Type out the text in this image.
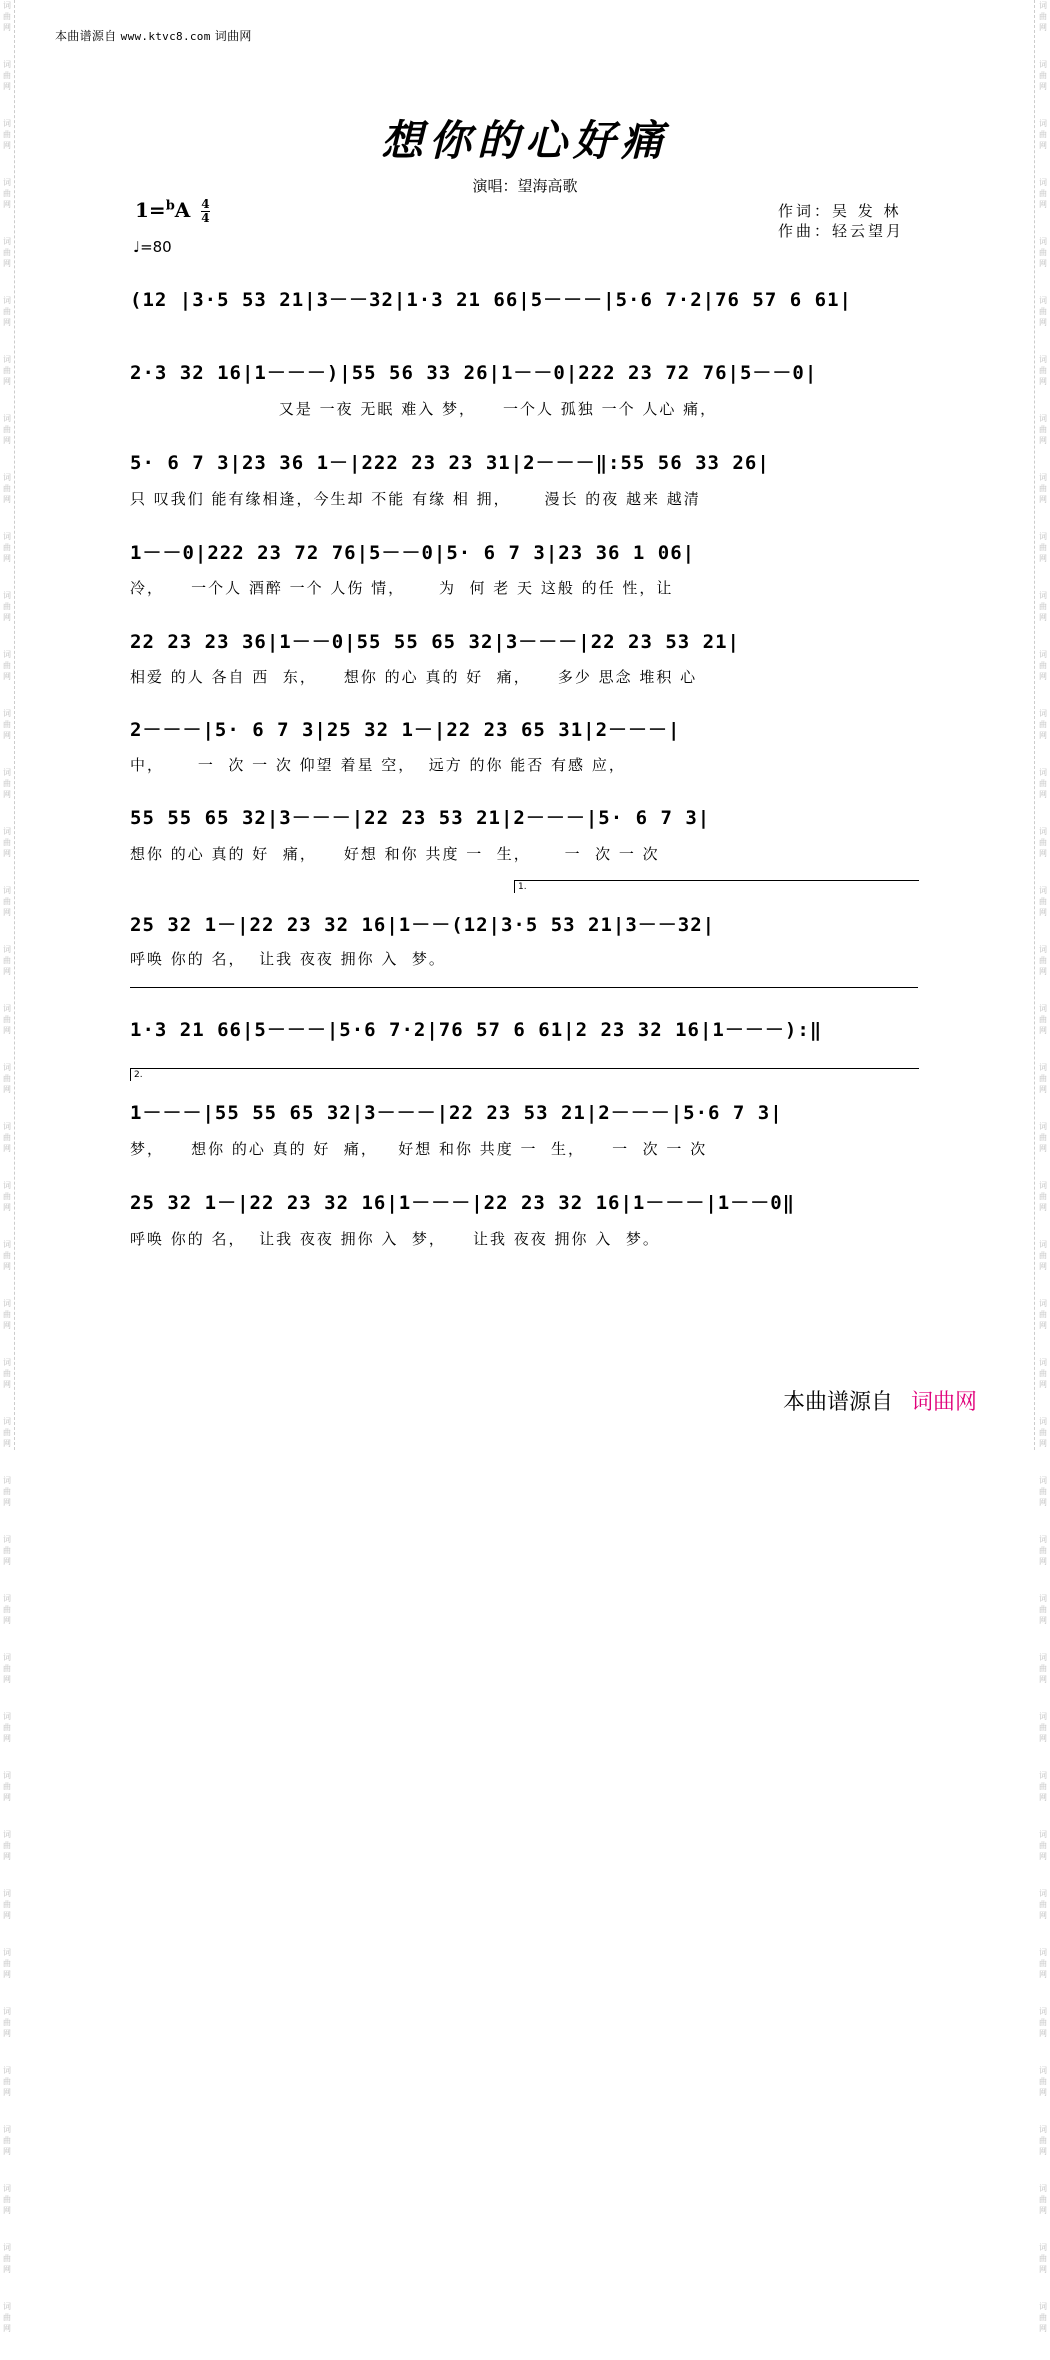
词
曲
网
词
曲
网
词
曲
网
词
曲
网
词
曲
网
词
曲
网
词
曲
网
词
曲
网
词
曲
网
词
曲
网
词
曲
网
词
曲
网
词
曲
网
词
曲
网
词
曲
网
词
曲
网
词
曲
网
词
曲
网
词
曲
网
词
曲
网
词
曲
网
词
曲
网
词
曲
网
词
曲
网
词
曲
网
词
曲
网
词
曲
网
词
曲
网
词
曲
网
词
曲
网
词
曲
网
词
曲
网
词
曲
网
词
曲
网
词
曲
网
词
曲
网
词
曲
网
词
曲
网
词
曲
网
词
曲
网
词
曲
网
词
曲
网
词
曲
网
词
曲
网
词
曲
网
词
曲
网
词
曲
网
词
曲
网
词
曲
网
词
曲
网
词
曲
网
词
曲
网
词
曲
网
词
曲
网
词
曲
网
词
曲
网
词
曲
网
词
曲
网
词
曲
网
词
曲
网
词
曲
网
词
曲
网
词
曲
网
词
曲
网
词
曲
网
词
曲
网
词
曲
网
词
曲
网
词
曲
网
词
曲
网
词
曲
网
词
曲
网
词
曲
网
词
曲
网
词
曲
网
词
曲
网
词
曲
网
词
曲
网
词
曲
网
词
曲
网
本曲谱源自 www.ktvc8.com 词曲网
想你的心好痛
演唱：望海高歌
$1=^bA \frac{4}{4}$
♩=80
作词：吴 发 林
作曲：轻云望月
(12 |3·5 53 21|3－－32|1·3 21 66|5－－－|5·6 7·2|76 57 6 61|
2·3 32 16|1－－－)|55 56 33 26|1－－0|222 23 72 76|5－－0|
又是 一夜 无眠 难入 梦，    一个人 孤独 一个 人心 痛，
5· 6 7 3|23 36 1－|222 23 23 31|2－－－‖:55 56 33 26|
只 叹我们 能有缘相逢，今生却 不能 有缘 相 拥，     漫长 的夜 越来 越清
1－－0|222 23 72 76|5－－0|5· 6 7 3|23 36 1 06|
冷，    一个人 酒醉 一个 人伤 情，     为  何 老 天 这般 的任 性，让
22 23 23 36|1－－0|55 55 65 32|3－－－|22 23 53 21|
相爱 的人 各自 西  东，    想你 的心 真的 好  痛，    多少 思念 堆积 心
2－－－|5· 6 7 3|25 32 1－|22 23 65 31|2－－－|
中，     一  次 一 次 仰望 着星 空，  远方 的你 能否 有感 应，
55 55 65 32|3－－－|22 23 53 21|2－－－|5· 6 7 3|
想你 的心 真的 好  痛，    好想 和你 共度 一  生，     一  次 一 次
25 32 1－|22 23 32 16|1－－(12|3·5 53 21|3－－32|
呼唤 你的 名，  让我 夜夜 拥你 入  梦。
1·3 21 66|5－－－|5·6 7·2|76 57 6 61|2 23 32 16|1－－－):‖
1－－－|55 55 65 32|3－－－|22 23 53 21|2－－－|5·6 7 3|
梦，    想你 的心 真的 好  痛，   好想 和你 共度 一  生，    一  次 一 次
25 32 1－|22 23 32 16|1－－－|22 23 32 16|1－－－|1－－0‖
呼唤 你的 名，  让我 夜夜 拥你 入  梦，    让我 夜夜 拥你 入  梦。
1.
2.
本曲谱源自 词曲网
